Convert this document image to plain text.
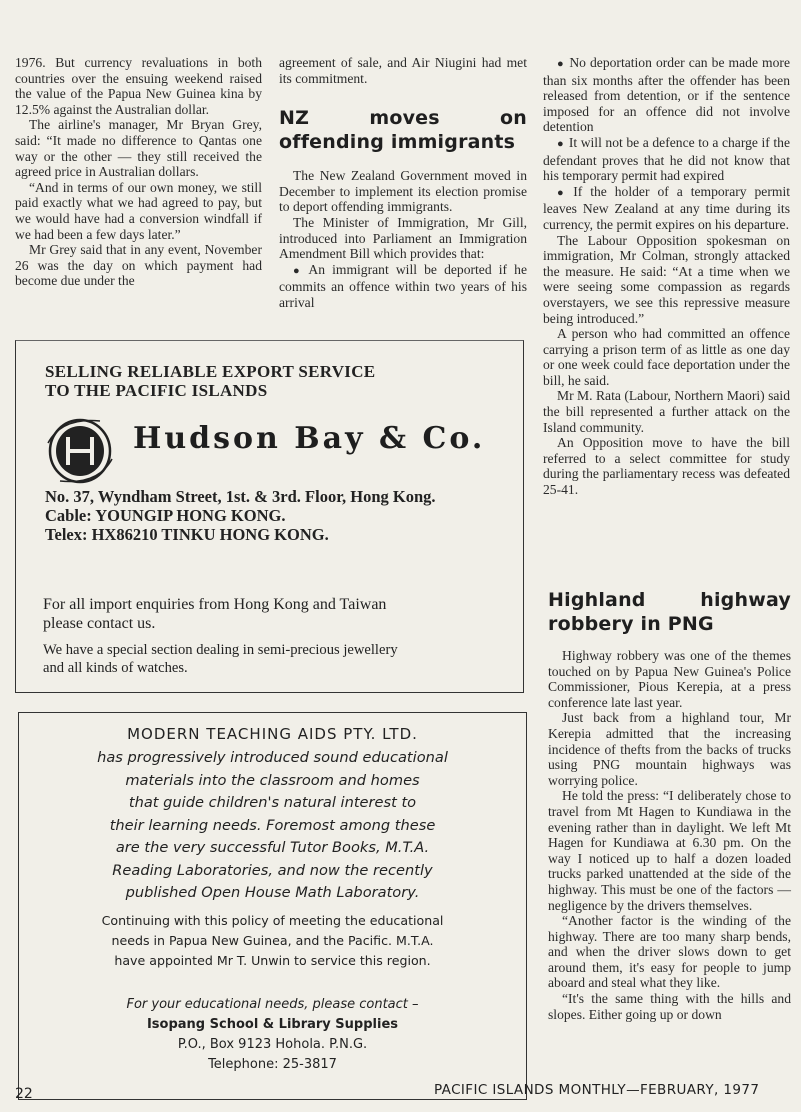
1976. But currency revaluations in both countries over the ensuing weekend raised the value of the Papua New Guinea kina by 12.5% against the Australian dollar.

The airline's manager, Mr Bryan Grey, said: “It made no difference to Qantas one way or the other — they still received the agreed price in Australian dollars.

“And in terms of our own money, we still paid exactly what we had agreed to pay, but we would have had a conversion windfall if we had been a few days later.”

Mr Grey said that in any event, November 26 was the day on which payment had become due under the

agreement of sale, and Air Niugini had met its commitment.

NZ moves on offending immigrants

The New Zealand Government moved in December to implement its election promise to deport offending immigrants.

The Minister of Immigration, Mr Gill, introduced into Parliament an Immigration Amendment Bill which provides that:

● An immigrant will be deported if he commits an offence within two years of his arrival

● No deportation order can be made more than six months after the offender has been released from detention, or if the sentence imposed for an offence did not involve detention

● It will not be a defence to a charge if the defendant proves that he did not know that his temporary permit had expired

● If the holder of a temporary permit leaves New Zealand at any time during its currency, the permit expires on his departure.

The Labour Opposition spokesman on immigration, Mr Colman, strongly attacked the measure. He said: “At a time when we were seeing some compassion as regards overstayers, we see this repressive measure being introduced.”

A person who had committed an offence carrying a prison term of as little as one day or one week could face deportation under the bill, he said.

Mr M. Rata (Labour, Northern Maori) said the bill represented a further attack on the Island community.

An Opposition move to have the bill referred to a select committee for study during the parliamentary recess was defeated 25-41.

Highland highway robbery in PNG

Highway robbery was one of the themes touched on by Papua New Guinea's Police Commissioner, Pious Kerepia, at a press conference late last year.

Just back from a highland tour, Mr Kerepia admitted that the increasing incidence of thefts from the backs of trucks using PNG mountain highways was worrying police.

He told the press: “I deliberately chose to travel from Mt Hagen to Kundiawa in the evening rather than in daylight. We left Mt Hagen for Kundiawa at 6.30 pm. On the way I noticed up to half a dozen loaded trucks parked unattended at the side of the highway. This must be one of the factors — negligence by the drivers themselves.

“Another factor is the winding of the highway. There are too many sharp bends, and when the driver slows down to get around them, it's easy for people to jump aboard and steal what they like.

“It's the same thing with the hills and slopes. Either going up or down

SELLING RELIABLE EXPORT SERVICE
TO THE PACIFIC ISLANDS
Hudson Bay & Co.
No. 37, Wyndham Street, 1st. & 3rd. Floor, Hong Kong.
Cable: YOUNGIP HONG KONG.
Telex: HX86210 TINKU HONG KONG.
For all import enquiries from Hong Kong and Taiwan
please contact us.
We have a special section dealing in semi-precious jewellery
and all kinds of watches.
MODERN TEACHING AIDS PTY. LTD.
has progressively introduced sound educational
materials into the classroom and homes
that guide children's natural interest to
their learning needs. Foremost among these
are the very successful Tutor Books, M.T.A.
Reading Laboratories, and now the recently
published Open House Math Laboratory.
Continuing with this policy of meeting the educational
needs in Papua New Guinea, and the Pacific. M.T.A.
have appointed Mr T. Unwin to service this region.
For your educational needs, please contact –
Isopang School & Library Supplies
P.O., Box 9123 Hohola. P.N.G.
Telephone: 25-3817
22	PACIFIC ISLANDS MONTHLY—FEBRUARY, 1977
